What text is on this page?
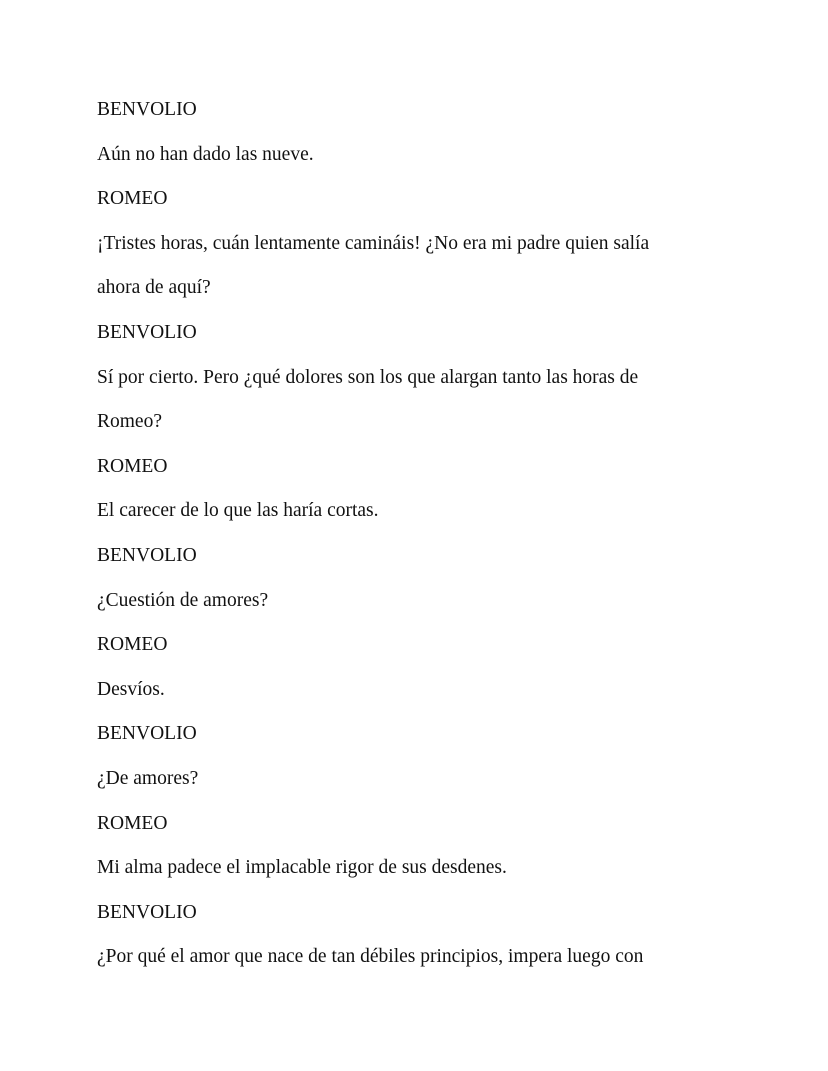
BENVOLIO
Aún no han dado las nueve.
ROMEO
¡Tristes horas, cuán lentamente camináis! ¿No era mi padre quien salía
ahora de aquí?
BENVOLIO
Sí por cierto. Pero ¿qué dolores son los que alargan tanto las horas de
Romeo?
ROMEO
El carecer de lo que las haría cortas.
BENVOLIO
¿Cuestión de amores?
ROMEO
Desvíos.
BENVOLIO
¿De amores?
ROMEO
Mi alma padece el implacable rigor de sus desdenes.
BENVOLIO
¿Por qué el amor que nace de tan débiles principios, impera luego con
